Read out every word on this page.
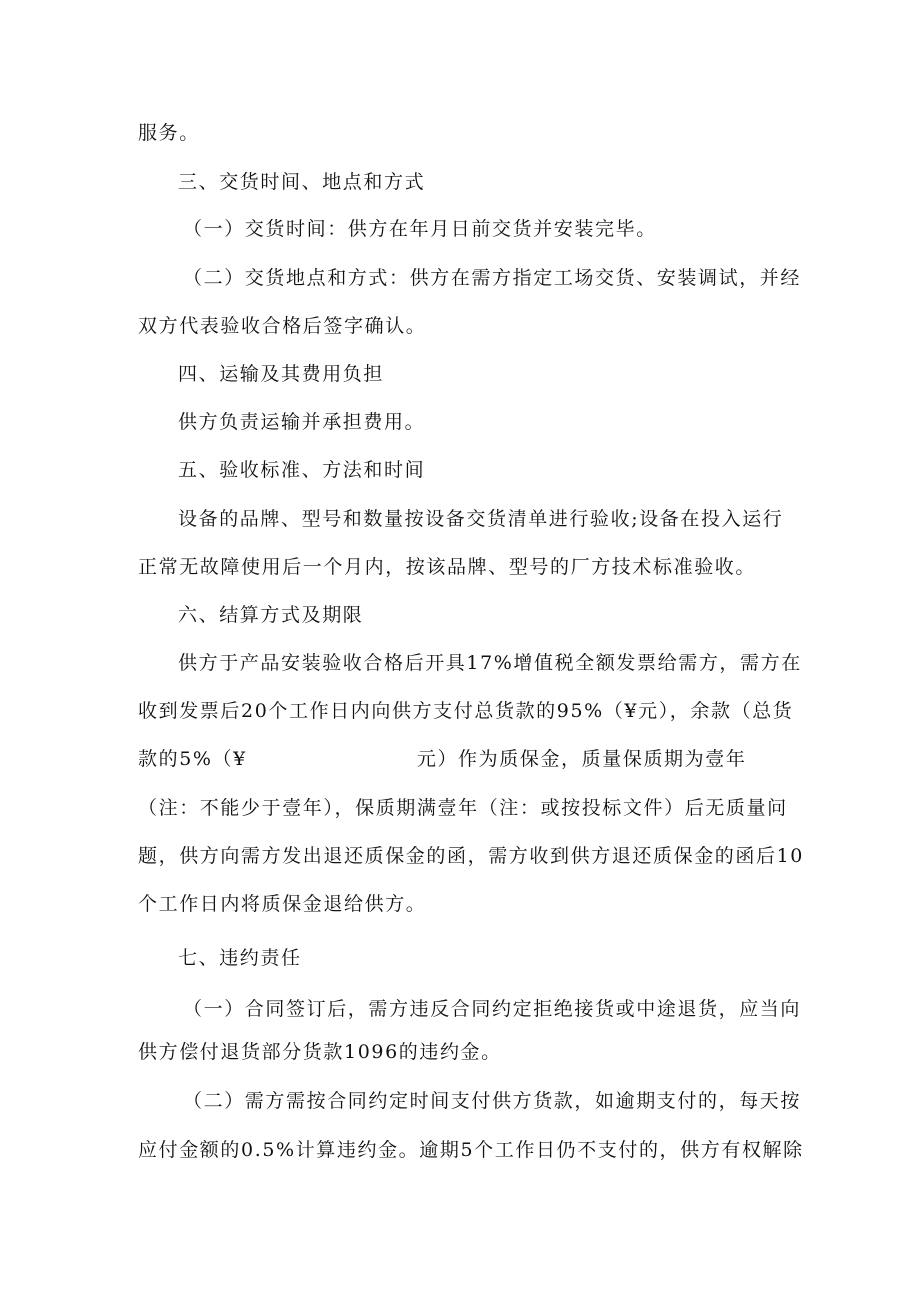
服务。
三、交货时间、地点和方式
（一）交货时间：供方在年月日前交货并安装完毕。
（二）交货地点和方式：供方在需方指定工场交货、安装调试，并经
双方代表验收合格后签字确认。
四、运输及其费用负担
供方负责运输并承担费用。
五、验收标准、方法和时间
设备的品牌、型号和数量按设备交货清单进行验收;设备在投入运行
正常无故障使用后一个月内，按该品牌、型号的厂方技术标准验收。
六、结算方式及期限
供方于产品安装验收合格后开具17%增值税全额发票给需方，需方在
收到发票后20个工作日内向供方支付总货款的95%（¥元），余款（总货
款的5%（¥	元）作为质保金，质量保质期为壹年
（注：不能少于壹年），保质期满壹年（注：或按投标文件）后无质量问
题，供方向需方发出退还质保金的函，需方收到供方退还质保金的函后10
个工作日内将质保金退给供方。
七、违约责任
（一）合同签订后，需方违反合同约定拒绝接货或中途退货，应当向
供方偿付退货部分货款1096的违约金。
（二）需方需按合同约定时间支付供方货款，如逾期支付的，每天按
应付金额的0.5%计算违约金。逾期5个工作日仍不支付的，供方有权解除
